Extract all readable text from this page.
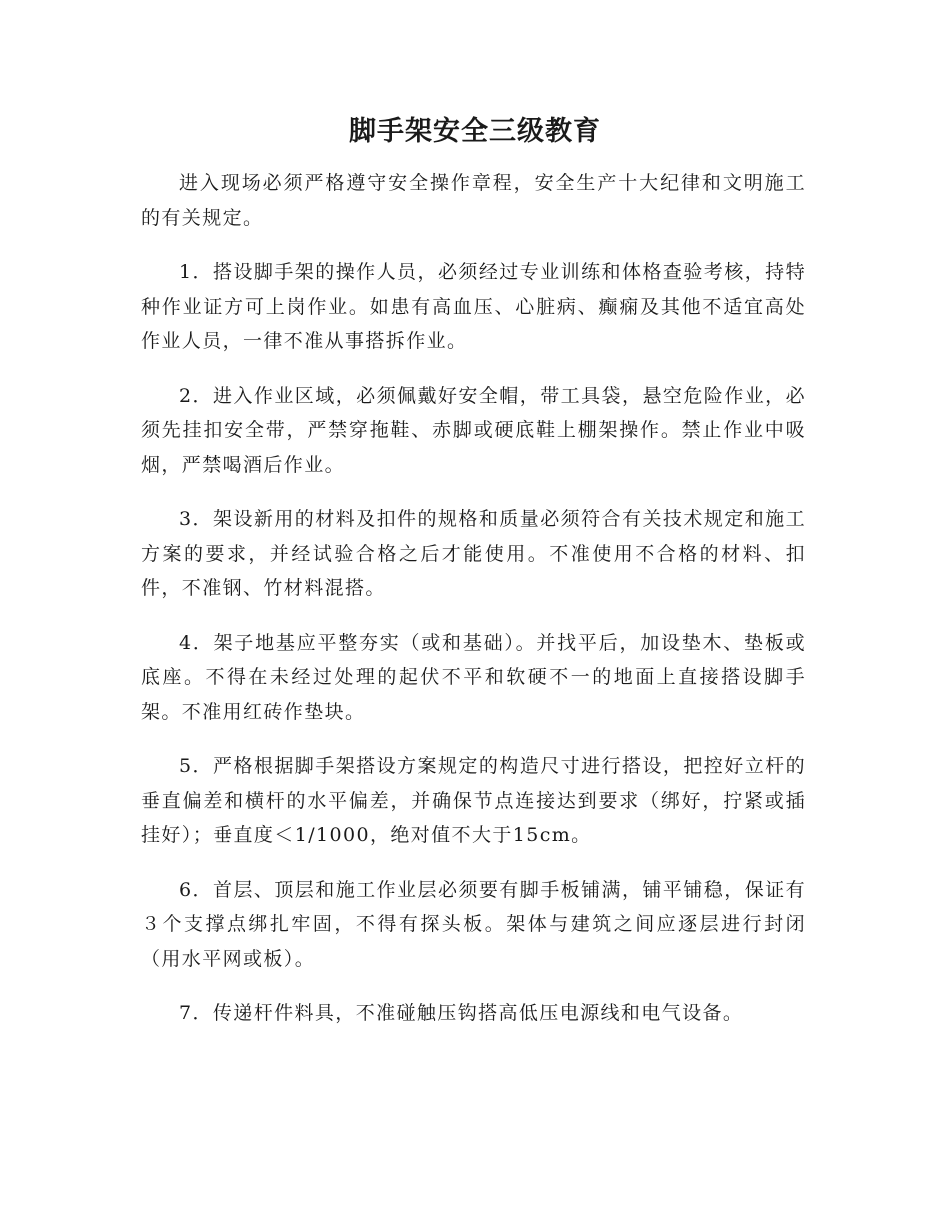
脚手架安全三级教育

进入现场必须严格遵守安全操作章程，安全生产十大纪律和文明施工的有关规定。

1．搭设脚手架的操作人员，必须经过专业训练和体格查验考核，持特种作业证方可上岗作业。如患有高血压、心脏病、癫痫及其他不适宜高处作业人员，一律不准从事搭拆作业。

2．进入作业区域，必须佩戴好安全帽，带工具袋，悬空危险作业，必须先挂扣安全带，严禁穿拖鞋、赤脚或硬底鞋上棚架操作。禁止作业中吸烟，严禁喝酒后作业。

3．架设新用的材料及扣件的规格和质量必须符合有关技术规定和施工方案的要求，并经试验合格之后才能使用。不准使用不合格的材料、扣件，不准钢、竹材料混搭。

4．架子地基应平整夯实（或和基础）。并找平后，加设垫木、垫板或底座。不得在未经过处理的起伏不平和软硬不一的地面上直接搭设脚手架。不准用红砖作垫块。

5．严格根据脚手架搭设方案规定的构造尺寸进行搭设，把控好立杆的垂直偏差和横杆的水平偏差，并确保节点连接达到要求（绑好，拧紧或插挂好）；垂直度＜1/1000，绝对值不大于15cm。

6．首层、顶层和施工作业层必须要有脚手板铺满，铺平铺稳，保证有３个支撑点绑扎牢固，不得有探头板。架体与建筑之间应逐层进行封闭（用水平网或板）。

7．传递杆件料具，不准碰触压钩搭高低压电源线和电气设备。
